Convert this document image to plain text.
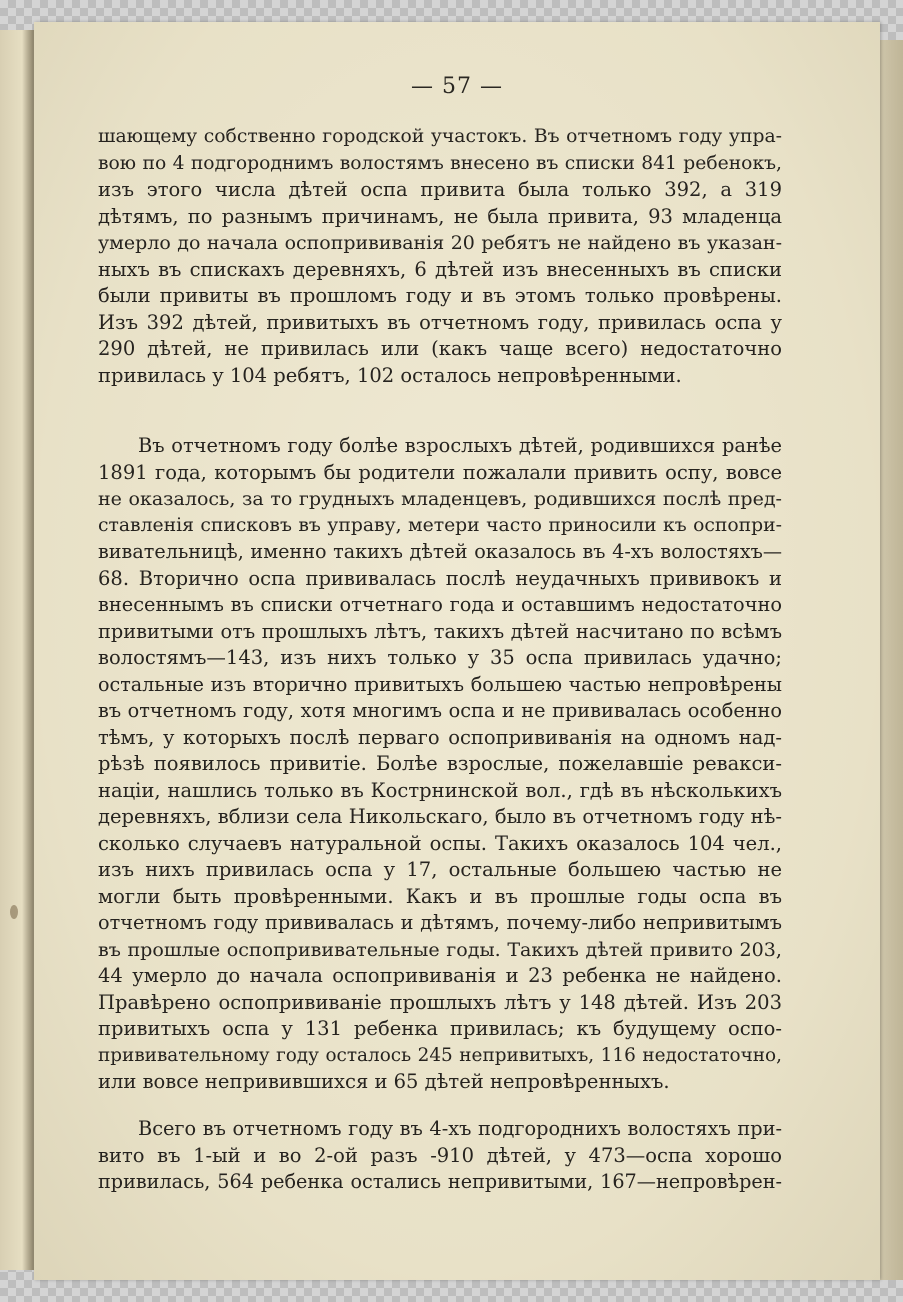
— 57 —
шающему собственно городской участокъ. Въ отчетномъ году упра-
вою по 4 подгороднимъ волостямъ внесено въ списки 841 ребенокъ,
изъ этого числа дѣтей оспа привита была только 392, а 319
дѣтямъ, по разнымъ причинамъ, не была привита, 93 младенца
умерло до начала оспопрививанія 20 ребятъ не найдено въ указан-
ныхъ въ спискахъ деревняхъ, 6 дѣтей изъ внесенныхъ въ списки
были привиты въ прошломъ году и въ этомъ только провѣрены.
Изъ 392 дѣтей, привитыхъ въ отчетномъ году, привилась оспа у
290 дѣтей, не привилась или (какъ чаще всего) недостаточно
привилась у 104 ребятъ, 102 осталось непровѣренными.
Въ отчетномъ году болѣе взрослыхъ дѣтей, родившихся ранѣе
1891 года, которымъ бы родители пожалали привить оспу, вовсе
не оказалось, за то грудныхъ младенцевъ, родившихся послѣ пред-
ставленія списковъ въ управу, метери часто приносили къ оспопри-
вивательницѣ, именно такихъ дѣтей оказалось въ 4-хъ волостяхъ—
68. Вторично оспа прививалась послѣ неудачныхъ прививокъ и
внесеннымъ въ списки отчетнаго года и оставшимъ недостаточно
привитыми отъ прошлыхъ лѣтъ, такихъ дѣтей насчитано по всѣмъ
волостямъ—143, изъ нихъ только у 35 оспа привилась удачно;
остальные изъ вторично привитыхъ большею частью непровѣрены
въ отчетномъ году, хотя многимъ оспа и не прививалась особенно
тѣмъ, у которыхъ послѣ перваго оспопрививанія на одномъ над-
рѣзѣ появилось привитіе. Болѣе взрослые, пожелавшіе ревакси-
націи, нашлись только въ Кострнинской вол., гдѣ въ нѣсколькихъ
деревняхъ, вблизи села Никольскаго, было въ отчетномъ году нѣ-
сколько случаевъ натуральной оспы. Такихъ оказалось 104 чел.,
изъ нихъ привилась оспа у 17, остальные большею частью не
могли быть провѣренными. Какъ и въ прошлые годы оспа въ
отчетномъ году прививалась и дѣтямъ, почему-либо непривитымъ
въ прошлые оспопрививательные годы. Такихъ дѣтей привито 203,
44 умерло до начала оспопрививанія и 23 ребенка не найдено.
Правѣрено оспопрививаніе прошлыхъ лѣтъ у 148 дѣтей. Изъ 203
привитыхъ оспа у 131 ребенка привилась; къ будущему оспо-
прививательному году осталось 245 непривитыхъ, 116 недостаточно,
или вовсе непривившихся и 65 дѣтей непровѣренныхъ.
Всего въ отчетномъ году въ 4-хъ подгороднихъ волостяхъ при-
вито въ 1-ый и во 2-ой разъ -910 дѣтей, у 473—оспа хорошо
привилась, 564 ребенка остались непривитыми, 167—непровѣрен-
